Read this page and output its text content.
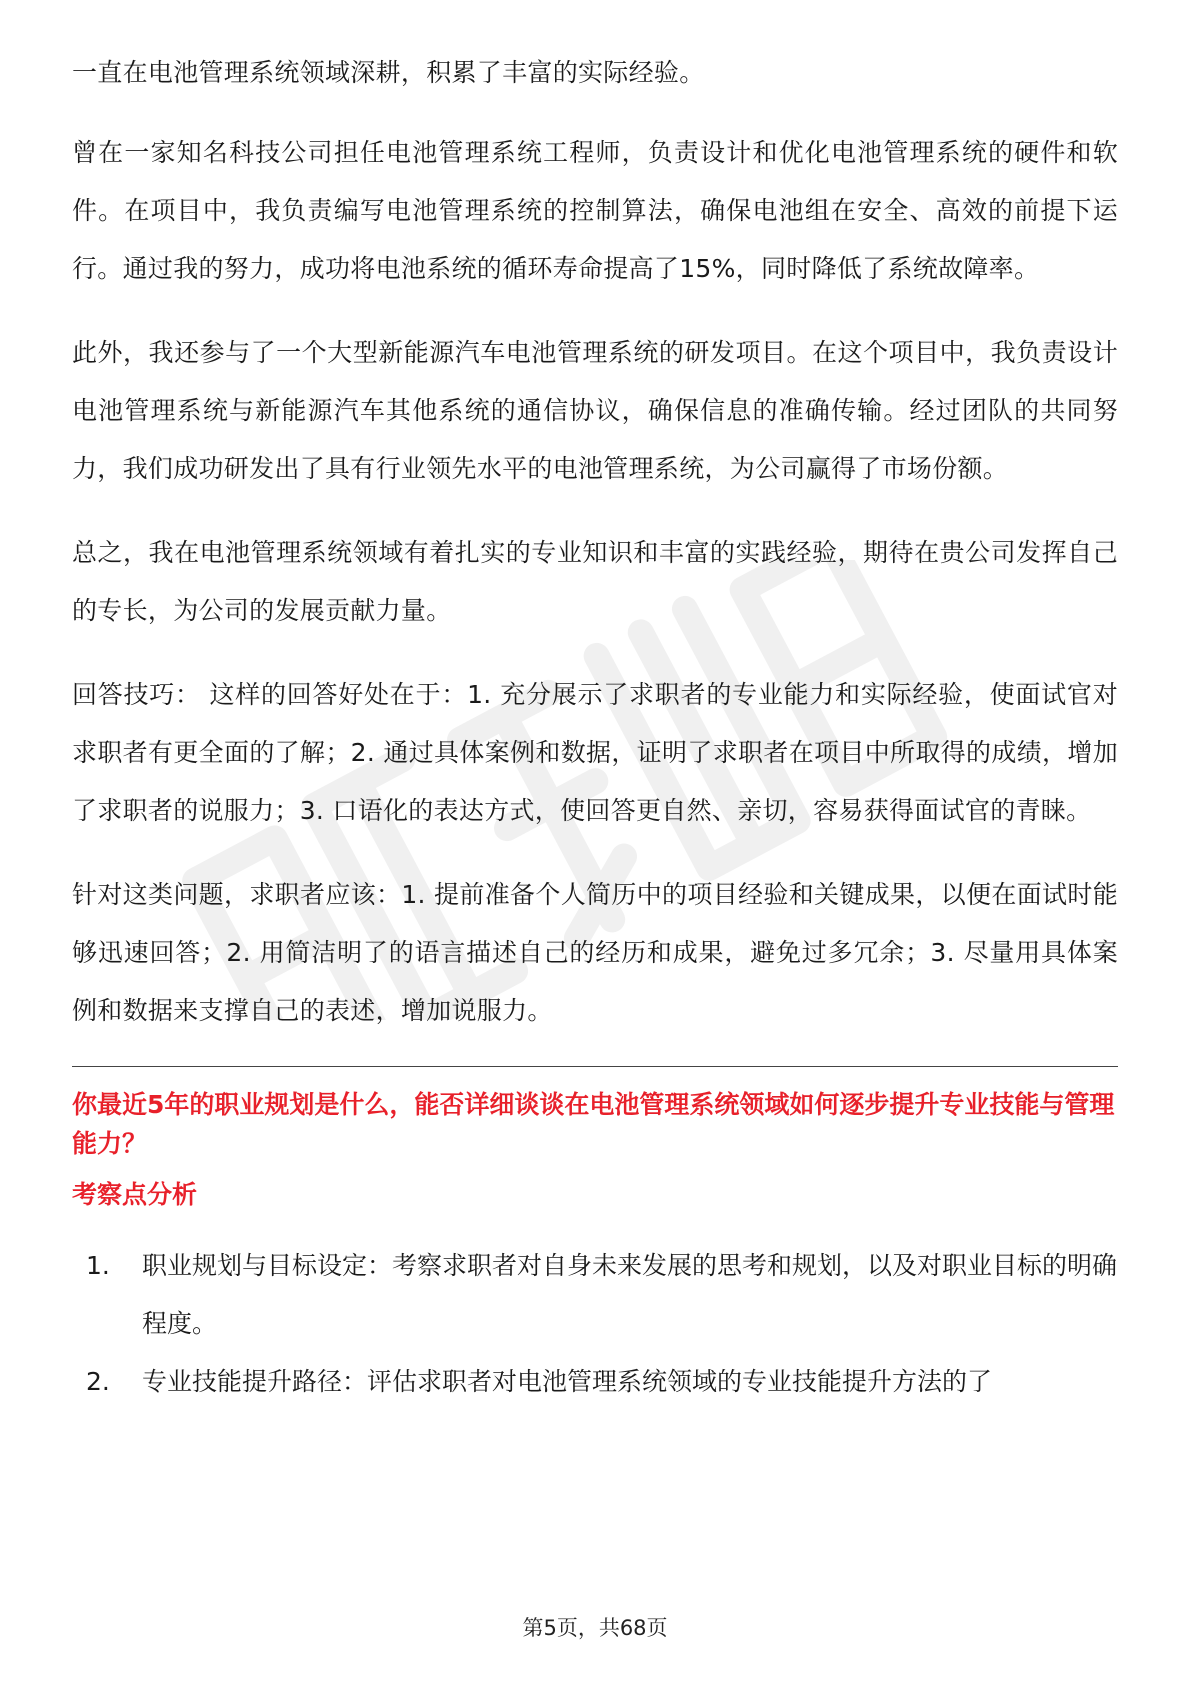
一直在电池管理系统领域深耕，积累了丰富的实际经验。

曾在一家知名科技公司担任电池管理系统工程师，负责设计和优化电池管理系统的硬件和软件。在项目中，我负责编写电池管理系统的控制算法，确保电池组在安全、高效的前提下运行。通过我的努力，成功将电池系统的循环寿命提高了15%，同时降低了系统故障率。

此外，我还参与了一个大型新能源汽车电池管理系统的研发项目。在这个项目中，我负责设计电池管理系统与新能源汽车其他系统的通信协议，确保信息的准确传输。经过团队的共同努力，我们成功研发出了具有行业领先水平的电池管理系统，为公司赢得了市场份额。

总之，我在电池管理系统领域有着扎实的专业知识和丰富的实践经验，期待在贵公司发挥自己的专长，为公司的发展贡献力量。

回答技巧： 这样的回答好处在于：1. 充分展示了求职者的专业能力和实际经验，使面试官对求职者有更全面的了解；2. 通过具体案例和数据，证明了求职者在项目中所取得的成绩，增加了求职者的说服力；3. 口语化的表达方式，使回答更自然、亲切，容易获得面试官的青睐。

针对这类问题，求职者应该：1. 提前准备个人简历中的项目经验和关键成果，以便在面试时能够迅速回答；2. 用简洁明了的语言描述自己的经历和成果，避免过多冗余；3. 尽量用具体案例和数据来支撑自己的表述，增加说服力。

你最近5年的职业规划是什么，能否详细谈谈在电池管理系统领域如何逐步提升专业技能与管理能力？
考察点分析
1.	职业规划与目标设定：考察求职者对自身未来发展的思考和规划，以及对职业目标的明确程度。
2.	专业技能提升路径：评估求职者对电池管理系统领域的专业技能提升方法的了
第5页，共68页
